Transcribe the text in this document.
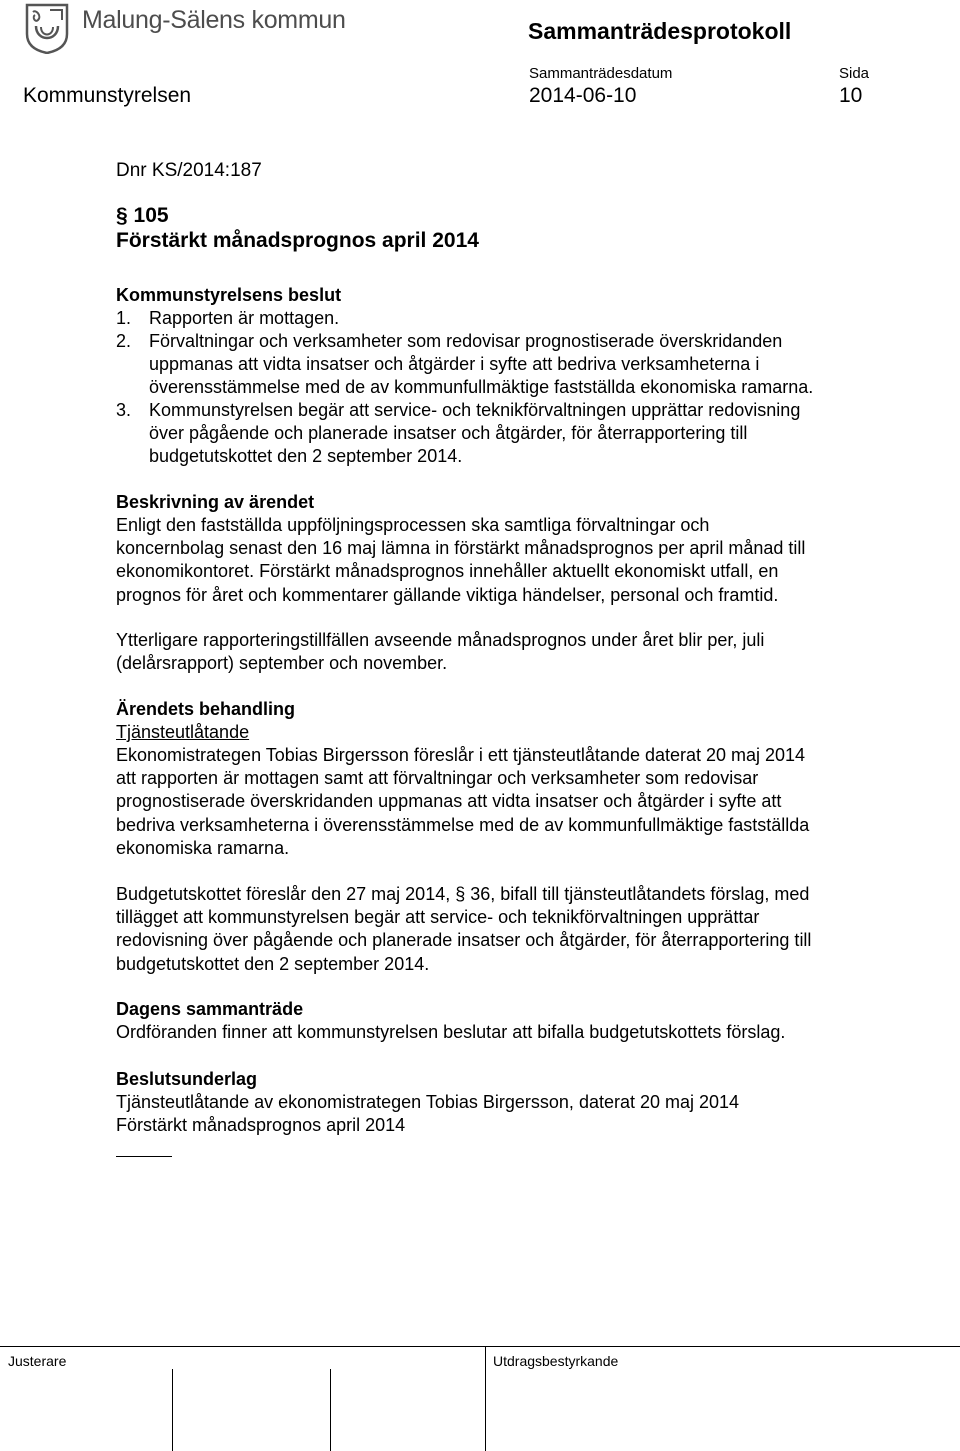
Malung-Sälens kommun	Sammanträdesprotokoll
Sammanträdesdatum	Sida
Kommunstyrelsen	2014-06-10	10
Dnr KS/2014:187
§ 105
Förstärkt månadsprognos april 2014
Kommunstyrelsens beslut
1. Rapporten är mottagen.
2. Förvaltningar och verksamheter som redovisar prognostiserade överskridanden
uppmanas att vidta insatser och åtgärder i syfte att bedriva verksamheterna i
överensstämmelse med de av kommunfullmäktige fastställda ekonomiska ramarna.
3. Kommunstyrelsen begär att service- och teknikförvaltningen upprättar redovisning
över pågående och planerade insatser och åtgärder, för återrapportering till
budgetutskottet den 2 september 2014.
Beskrivning av ärendet
Enligt den fastställda uppföljningsprocessen ska samtliga förvaltningar och
koncernbolag senast den 16 maj lämna in förstärkt månadsprognos per april månad till
ekonomikontoret. Förstärkt månadsprognos innehåller aktuellt ekonomiskt utfall, en
prognos för året och kommentarer gällande viktiga händelser, personal och framtid.
Ytterligare rapporteringstillfällen avseende månadsprognos under året blir per, juli
(delårsrapport) september och november.
Ärendets behandling
Tjänsteutlåtande
Ekonomistrategen Tobias Birgersson föreslår i ett tjänsteutlåtande daterat 20 maj 2014
att rapporten är mottagen samt att förvaltningar och verksamheter som redovisar
prognostiserade överskridanden uppmanas att vidta insatser och åtgärder i syfte att
bedriva verksamheterna i överensstämmelse med de av kommunfullmäktige fastställda
ekonomiska ramarna.
Budgetutskottet föreslår den 27 maj 2014, § 36, bifall till tjänsteutlåtandets förslag, med
tillägget att kommunstyrelsen begär att service- och teknikförvaltningen upprättar
redovisning över pågående och planerade insatser och åtgärder, för återrapportering till
budgetutskottet den 2 september 2014.
Dagens sammanträde
Ordföranden finner att kommunstyrelsen beslutar att bifalla budgetutskottets förslag.
Beslutsunderlag
Tjänsteutlåtande av ekonomistrategen Tobias Birgersson, daterat 20 maj 2014
Förstärkt månadsprognos april 2014
Justerare	Utdragsbestyrkande
